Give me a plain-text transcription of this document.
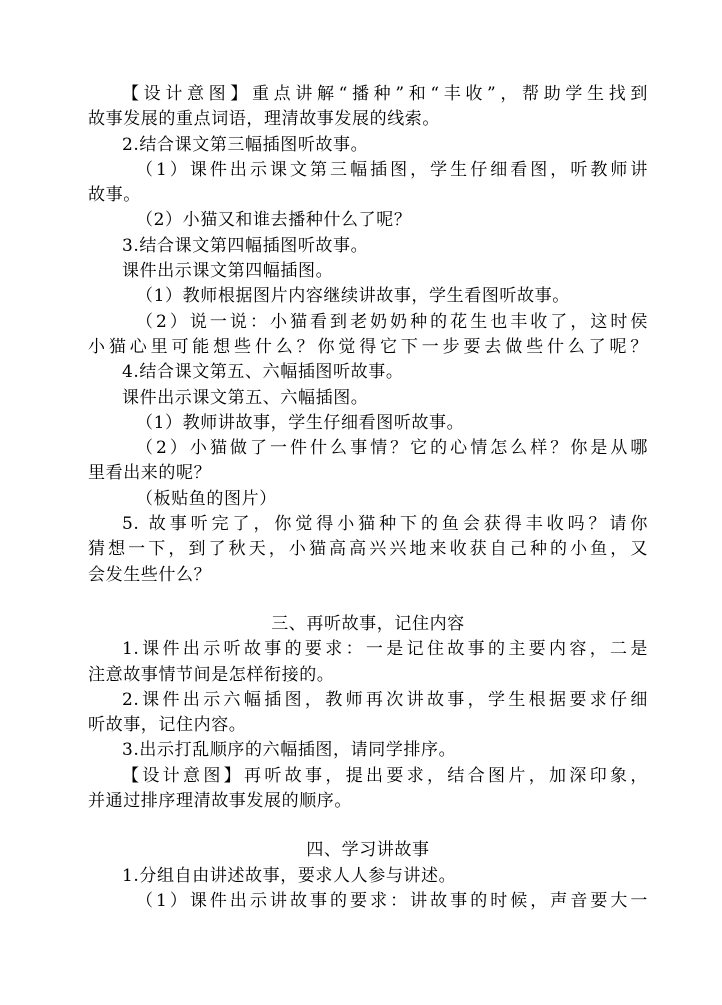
【设计意图】重点讲解“播种”和“丰收”，帮助学生找到
故事发展的重点词语，理清故事发展的线索。
2.结合课文第三幅插图听故事。
（1）课件出示课文第三幅插图，学生仔细看图，听教师讲
故事。
（2）小猫又和谁去播种什么了呢？
3.结合课文第四幅插图听故事。
课件出示课文第四幅插图。
（1）教师根据图片内容继续讲故事，学生看图听故事。
（2）说一说：小猫看到老奶奶种的花生也丰收了，这时侯
小猫心里可能想些什么？你觉得它下一步要去做些什么了呢？
4.结合课文第五、六幅插图听故事。
课件出示课文第五、六幅插图。
（1）教师讲故事，学生仔细看图听故事。
（2）小猫做了一件什么事情？它的心情怎么样？你是从哪
里看出来的呢？
（板贴鱼的图片）
5. 故事听完了，你觉得小猫种下的鱼会获得丰收吗？请你
猜想一下，到了秋天，小猫高高兴兴地来收获自己种的小鱼，又
会发生些什么？
三、再听故事，记住内容
1.课件出示听故事的要求：一是记住故事的主要内容，二是
注意故事情节间是怎样衔接的。
2.课件出示六幅插图，教师再次讲故事，学生根据要求仔细
听故事，记住内容。
3.出示打乱顺序的六幅插图，请同学排序。
【设计意图】再听故事，提出要求，结合图片，加深印象，
并通过排序理清故事发展的顺序。
四、学习讲故事
1.分组自由讲述故事，要求人人参与讲述。
（1）课件出示讲故事的要求：讲故事的时候，声音要大一
